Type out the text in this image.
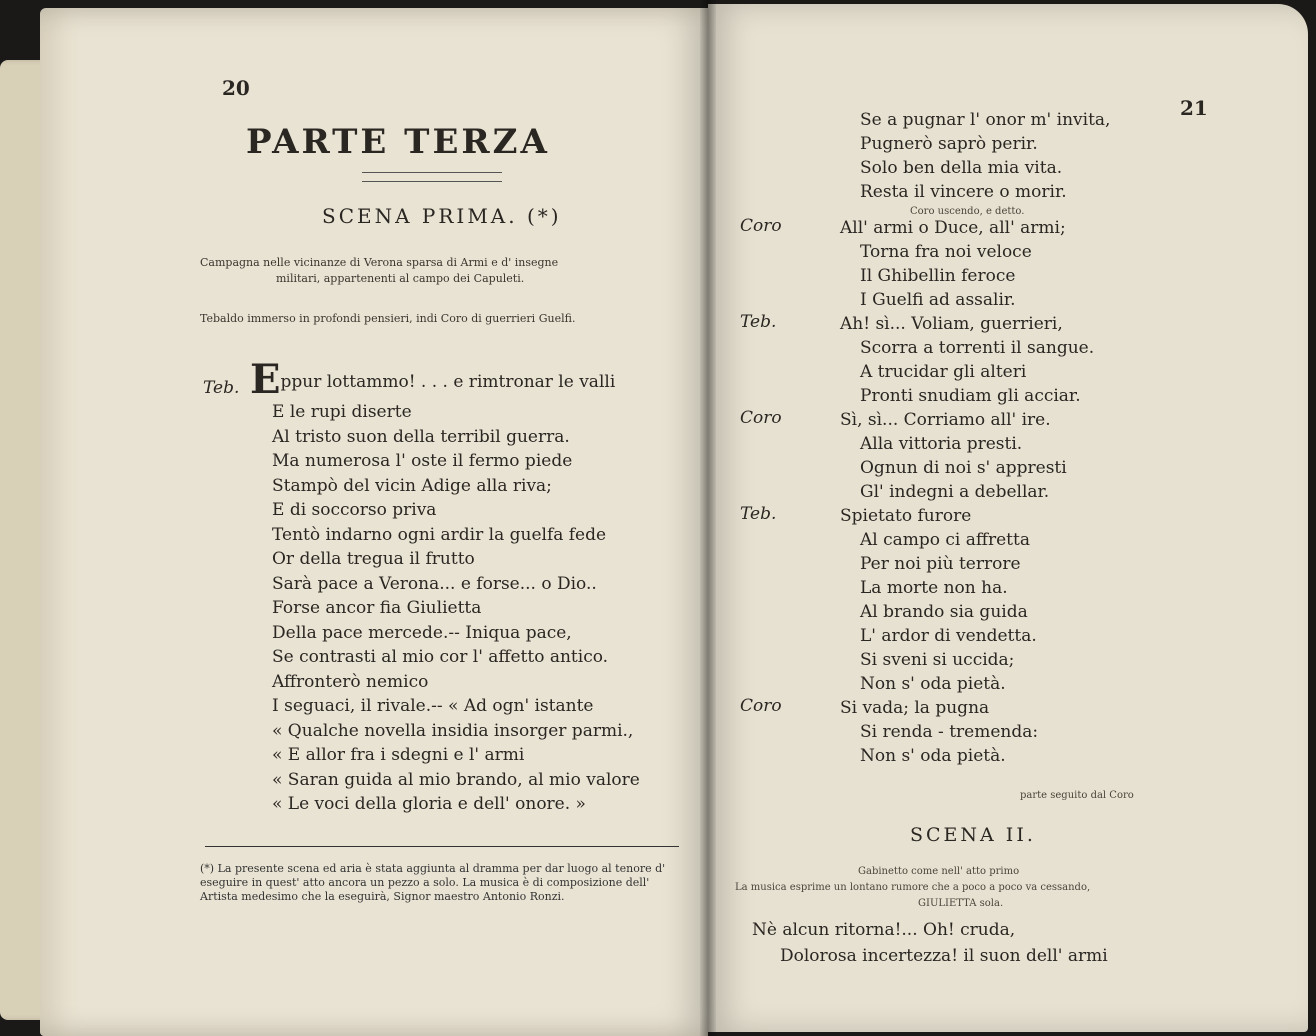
20
PARTE TERZA
SCENA PRIMA. (*)
Campagna nelle vicinanze di Verona sparsa di Armi e d' insegne
militari, appartenenti al campo dei Capuleti.
Tebaldo immerso in profondi pensieri, indi Coro di guerrieri Guelfi.
Teb. Eppur lottammo! . . . e rimtronar le valli
E le rupi diserte
Al tristo suon della terribil guerra.
Ma numerosa l' oste il fermo piede
Stampò del vicin Adige alla riva;
E di soccorso priva
Tentò indarno ogni ardir la guelfa fede
Or della tregua il frutto
Sarà pace a Verona... e forse... o Dio..
Forse ancor fia Giulietta
Della pace mercede.-- Iniqua pace,
Se contrasti al mio cor l' affetto antico.
Affronterò nemico
I seguaci, il rivale.-- « Ad ogn' istante
« Qualche novella insidia insorger parmi.,
« E allor fra i sdegni e l' armi
« Saran guida al mio brando, al mio valore
« Le voci della gloria e dell' onore. »
(*) La presente scena ed aria è stata aggiunta al dramma per dar luogo al tenore d' eseguire in quest' atto ancora un pezzo a solo. La musica è di composizione dell' Artista medesimo che la eseguirà, Signor maestro Antonio Ronzi.
21
Se a pugnar l' onor m' invita,
Pugnerò saprò perir.
Solo ben della mia vita.
Resta il vincere o morir.
Coro uscendo, e detto.
Coro	All' armi o Duce, all' armi;
Torna fra noi veloce
Il Ghibellin feroce
I Guelfi ad assalir.
Teb.	Ah! sì... Voliam, guerrieri,
Scorra a torrenti il sangue.
A trucidar gli alteri
Pronti snudiam gli acciar.
Coro	Sì, sì... Corriamo all' ire.
Alla vittoria presti.
Ognun di noi s' appresti
Gl' indegni a debellar.
Teb.	Spietato furore
Al campo ci affretta
Per noi più terrore
La morte non ha.
Al brando sia guida
L' ardor di vendetta.
Si sveni si uccida;
Non s' oda pietà.
Coro	Si vada; la pugna
Si renda - tremenda:
Non s' oda pietà.
parte seguito dal Coro
SCENA II.
Gabinetto come nell' atto primo
La musica esprime un lontano rumore che a poco a poco va cessando,
GIULIETTA sola.
Nè alcun ritorna!... Oh! cruda,
Dolorosa incertezza! il suon dell' armi
